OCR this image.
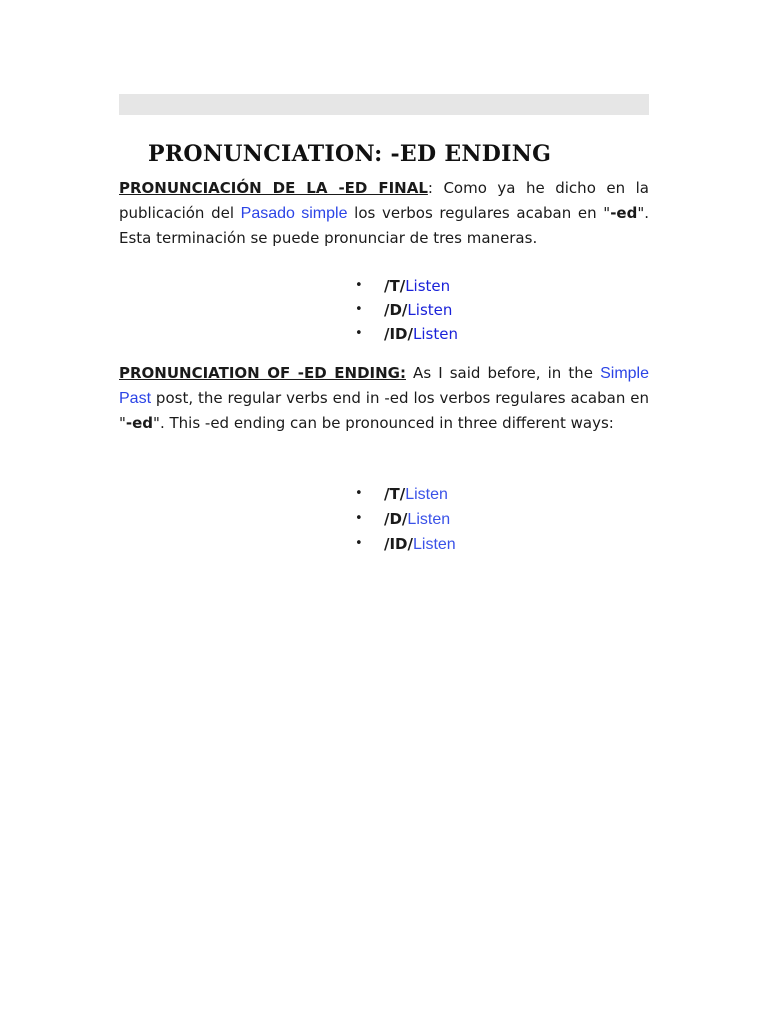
PRONUNCIATION: -ED ENDING

PRONUNCIACIÓN DE LA -ED FINAL: Como ya he dicho en la publicación del Pasado simple los verbos regulares acaban en "-ed". Esta terminación se puede pronunciar de tres maneras.

• /T/Listen
• /D/Listen
• /ID/Listen

PRONUNCIATION OF -ED ENDING: As I said before, in the Simple Past post, the regular verbs end in -ed los verbos regulares acaban en "-ed". This -ed ending can be pronounced in three different ways:

• /T/Listen
• /D/Listen
• /ID/Listen
